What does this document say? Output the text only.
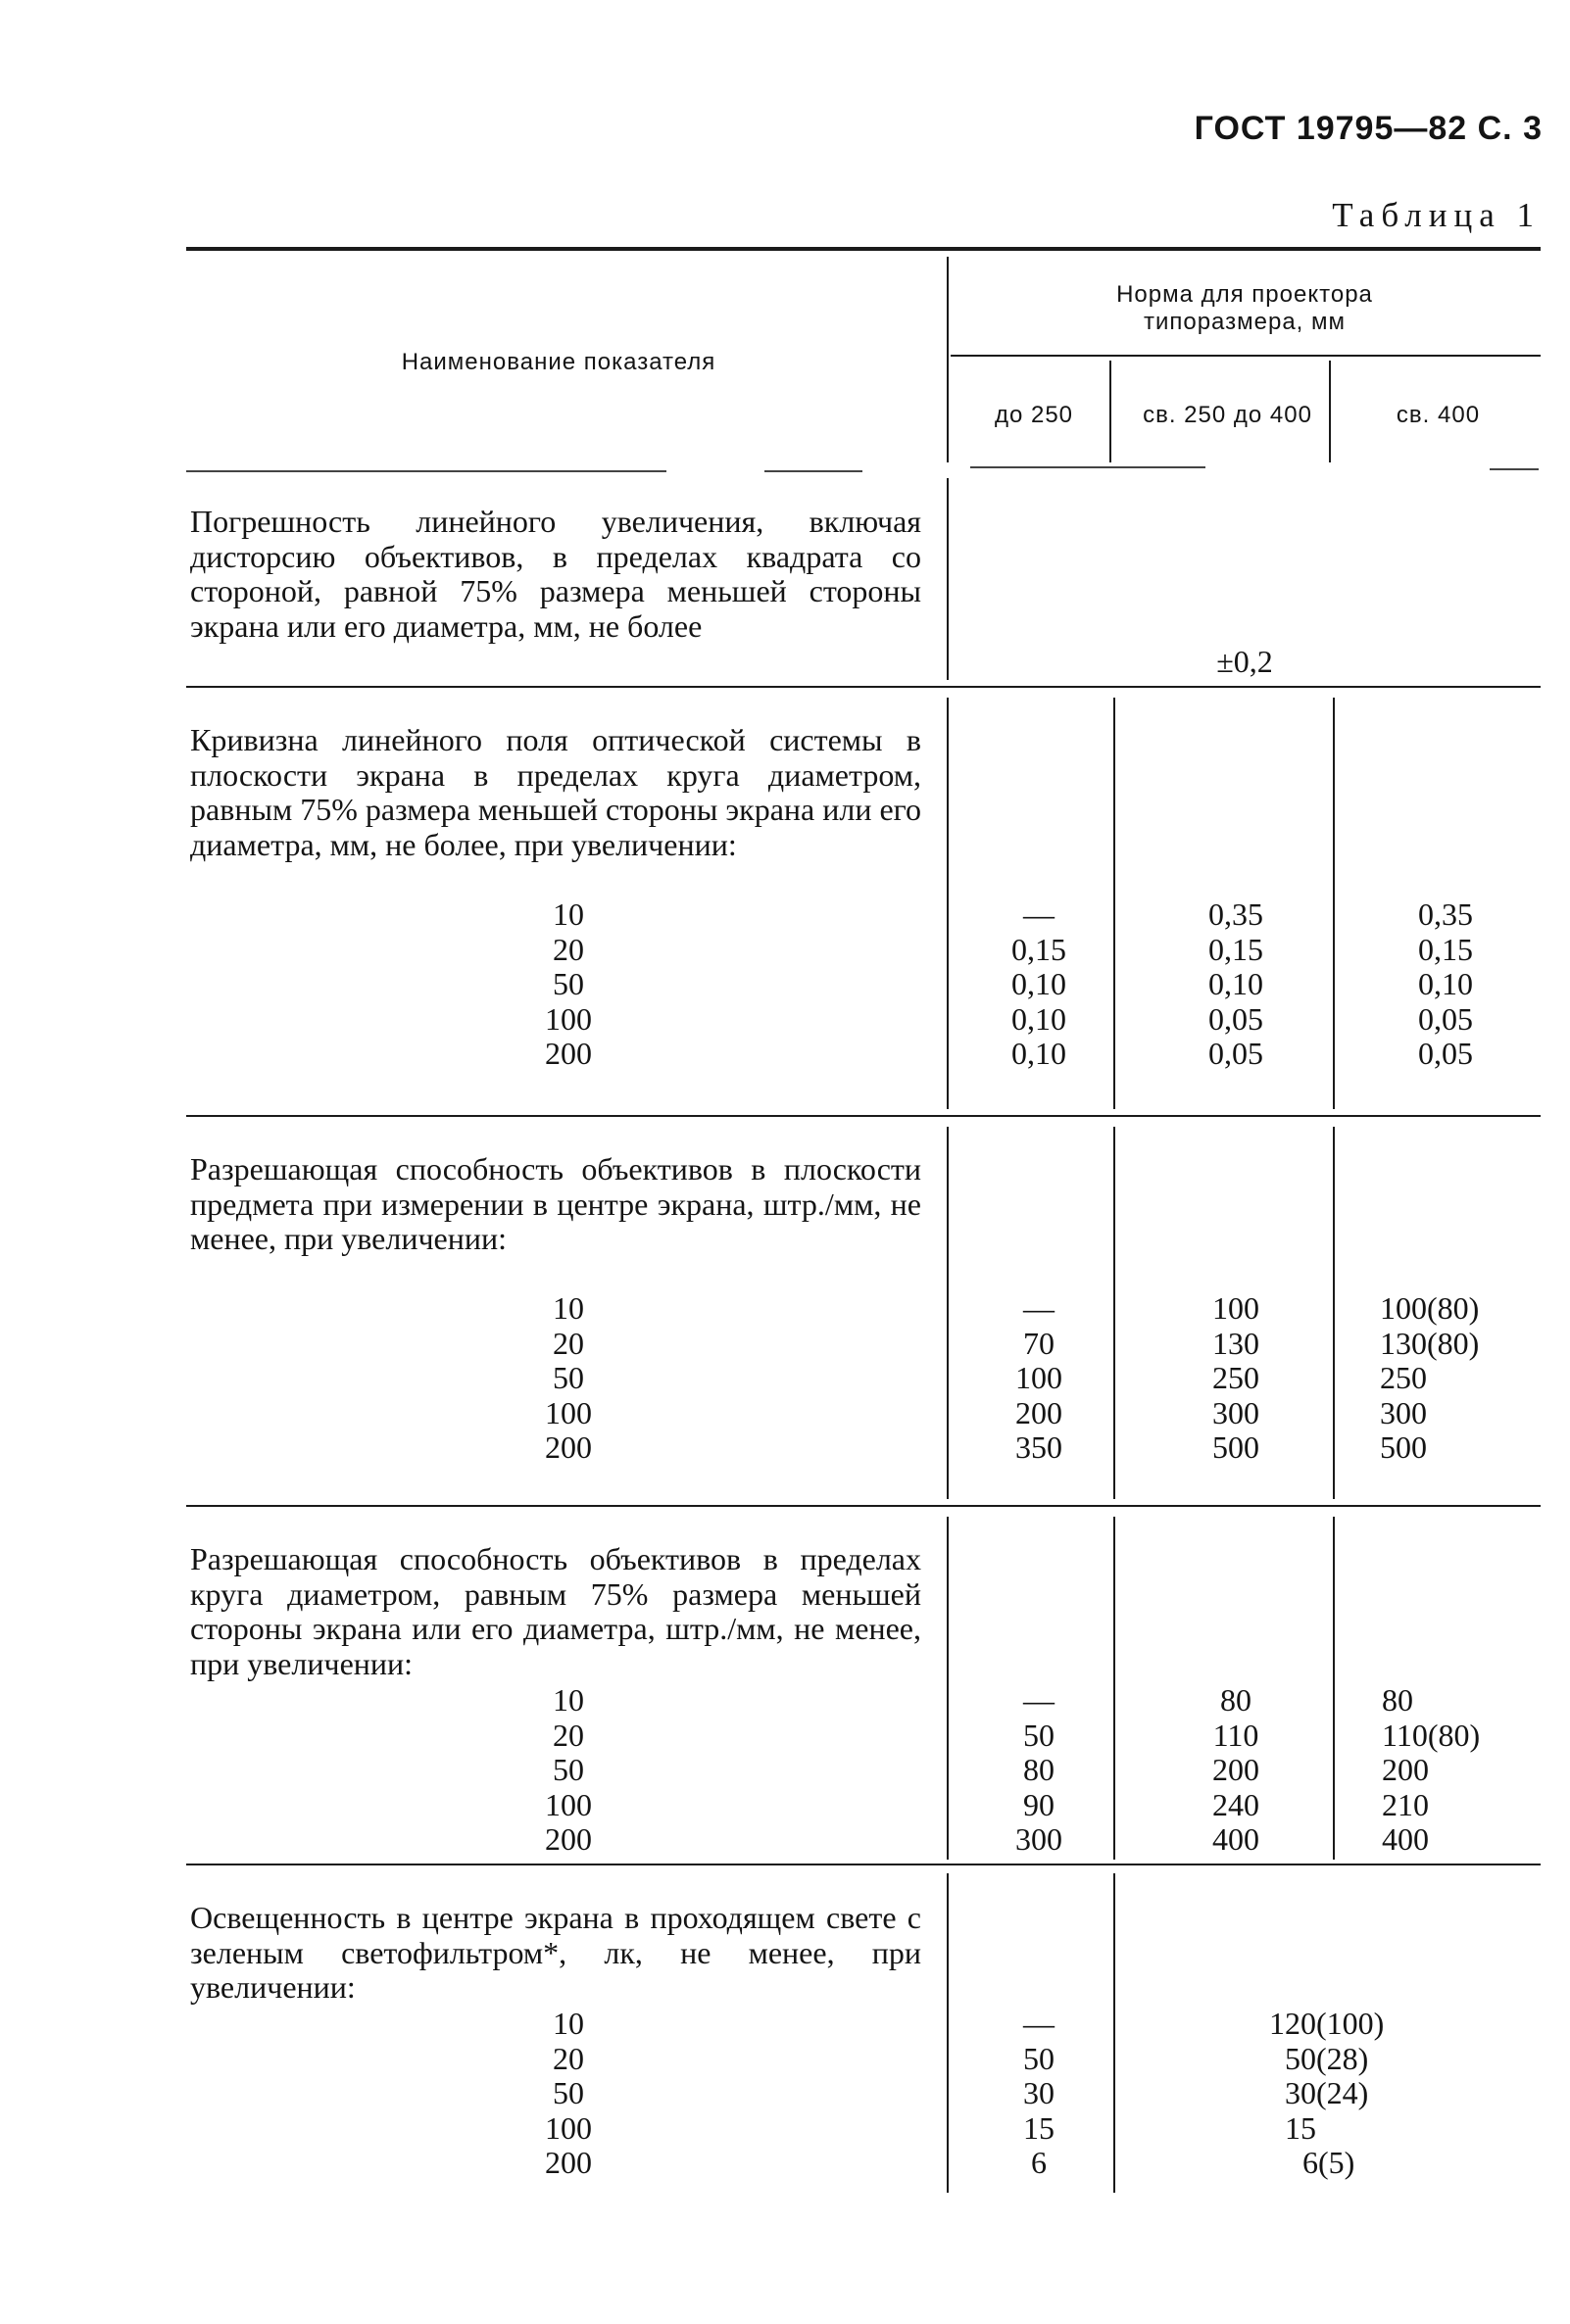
ГОСТ 19795—82 С. 3
Таблица 1
Наименование показателя
Норма для проектора
типоразмера, мм
до 250	св. 250 до 400	св. 400
Погрешность линейного увеличения, включая дисторсию объективов, в пределах квадрата со стороной, равной 75% размера меньшей стороны экрана или его диаметра, мм, не более
±0,2
Кривизна линейного поля оптической системы в плоскости экрана в пределах круга диаметром, равным 75% размера меньшей стороны экрана или его диаметра, мм, не более, при увеличении:
10
20
50
100
200
—
0,15
0,10
0,10
0,10
0,35
0,15
0,10
0,05
0,05
0,35
0,15
0,10
0,05
0,05
Разрешающая способность объективов в плоскости предмета при измерении в центре экрана, штр./мм, не менее, при увеличении:
10
20
50
100
200
—
70
100
200
350
100
130
250
300
500
100(80)
130(80)
250
300
500
Разрешающая способность объективов в пределах круга диаметром, равным 75% размера меньшей стороны экрана или его диаметра, штр./мм, не менее, при увеличении:
10
20
50
100
200
—
50
80
90
300
80
110
200
240
400
80
110(80)
200
210
400
Освещенность в центре экрана в проходящем свете с зеленым светофильтром*, лк, не менее, при увеличении:
10
20
50
100
200
—
50
30
15
6
120(100)
50(28)
30(24)
15
6(5)
